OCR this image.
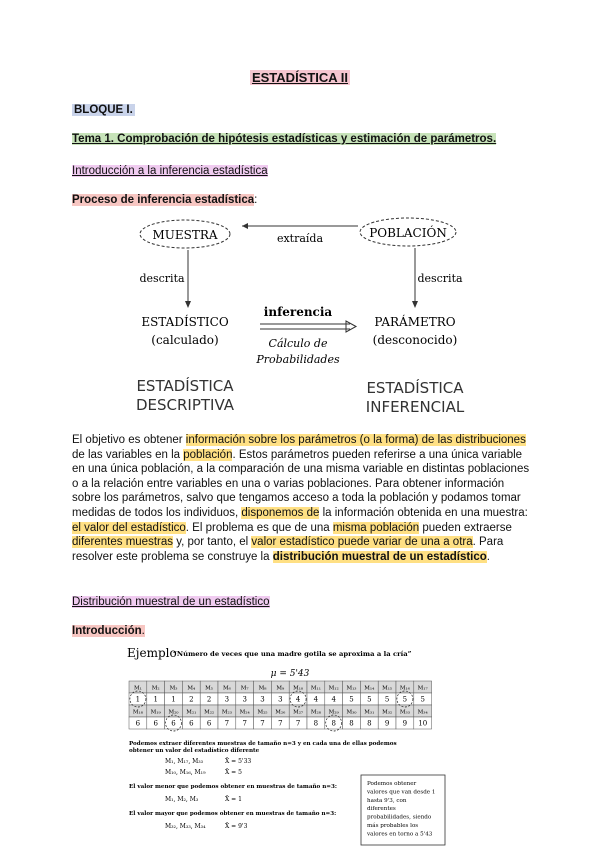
ESTADÍSTICA II
BLOQUE I.
Tema 1. Comprobación de hipótesis estadísticas y estimación de parámetros.
Introducción a la inferencia estadística
Proceso de inferencia estadística:
MUESTRA	POBLACIÓN
extraída
descrita	descrita
ESTADÍSTICO
(calculado)
inferencia
Cálculo de
Probabilidades
PARÁMETRO
(desconocido)
ESTADÍSTICA
DESCRIPTIVA
ESTADÍSTICA
INFERENCIAL
El objetivo es obtener información sobre los parámetros (o la forma) de las distribuciones de las variables en la población. Estos parámetros pueden referirse a una única variable en una única población, a la comparación de una misma variable en distintas poblaciones o a la relación entre variables en una o varias poblaciones. Para obtener información sobre los parámetros, salvo que tengamos acceso a toda la población y podamos tomar medidas de todos los individuos, disponemos de la información obtenida en una muestra: el valor del estadístico. El problema es que de una misma población pueden extraerse diferentes muestras y, por tanto, el valor estadístico puede variar de una a otra. Para resolver este problema se construye la distribución muestral de un estadístico.
Distribución muestral de un estadístico
Introducción.
Ejemplo
“Número de veces que una madre gotila se aproxima a la cría”
μ = 5'43
M₁ M₂ M₃ M₄ M₅ M₆ M₇ M₈ M₉ M₁₀ M₁₁ M₁₂ M₁₃ M₁₄ M₁₅ M₁₆ M₁₇
1 1 1 2 2 3 3 3 3 4 4 4 5 5 5 5 5
M₁₈ M₁₉ M₂₀ M₂₁ M₂₂ M₂₃ M₂₄ M₂₅ M₂₆ M₂₇ M₂₈ M₂₉ M₃₀ M₃₁ M₃₂ M₃₃ M₃₄
6 6 6 6 6 7 7 7 7 7 8 8 8 8 9 9 10
Podemos extraer diferentes muestras de tamaño n=3 y en cada una de ellas podemos
obtener un valor del estadístico diferente
M₁, M₁₇, M₃₃	X̄ = 5'33
M₁₀, M₁₆, M₁₉	X̄ = 5
El valor menor que podemos obtener en muestras de tamaño n=3:
M₁, M₂, M₃	X̄ = 1
El valor mayor que podemos obtener en muestras de tamaño n=3:
M₃₂, M₃₃, M₃₄	X̄ = 9'3
Podemos obtener
valores que van desde 1
hasta 9'3, con
diferentes
probabilidades, siendo
más probables los
valores en torno a 5'43
